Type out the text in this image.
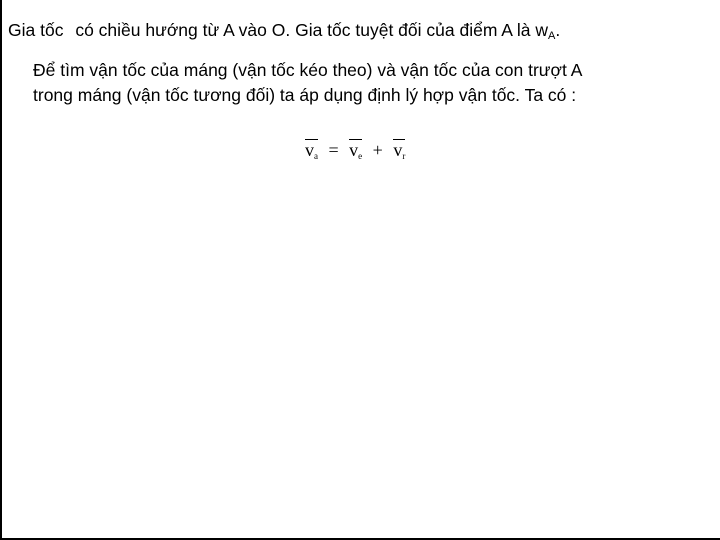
Gia tốc có chiều hướng từ A vào O. Gia tốc tuyệt đối của điểm A là $w_A$.
Để tìm vận tốc của máng (vận tốc kéo theo) và vận tốc của con trượt A
trong máng (vận tốc tương đối) ta áp dụng định lý hợp vận tốc. Ta có :
$v_a = v_e + v_r$
